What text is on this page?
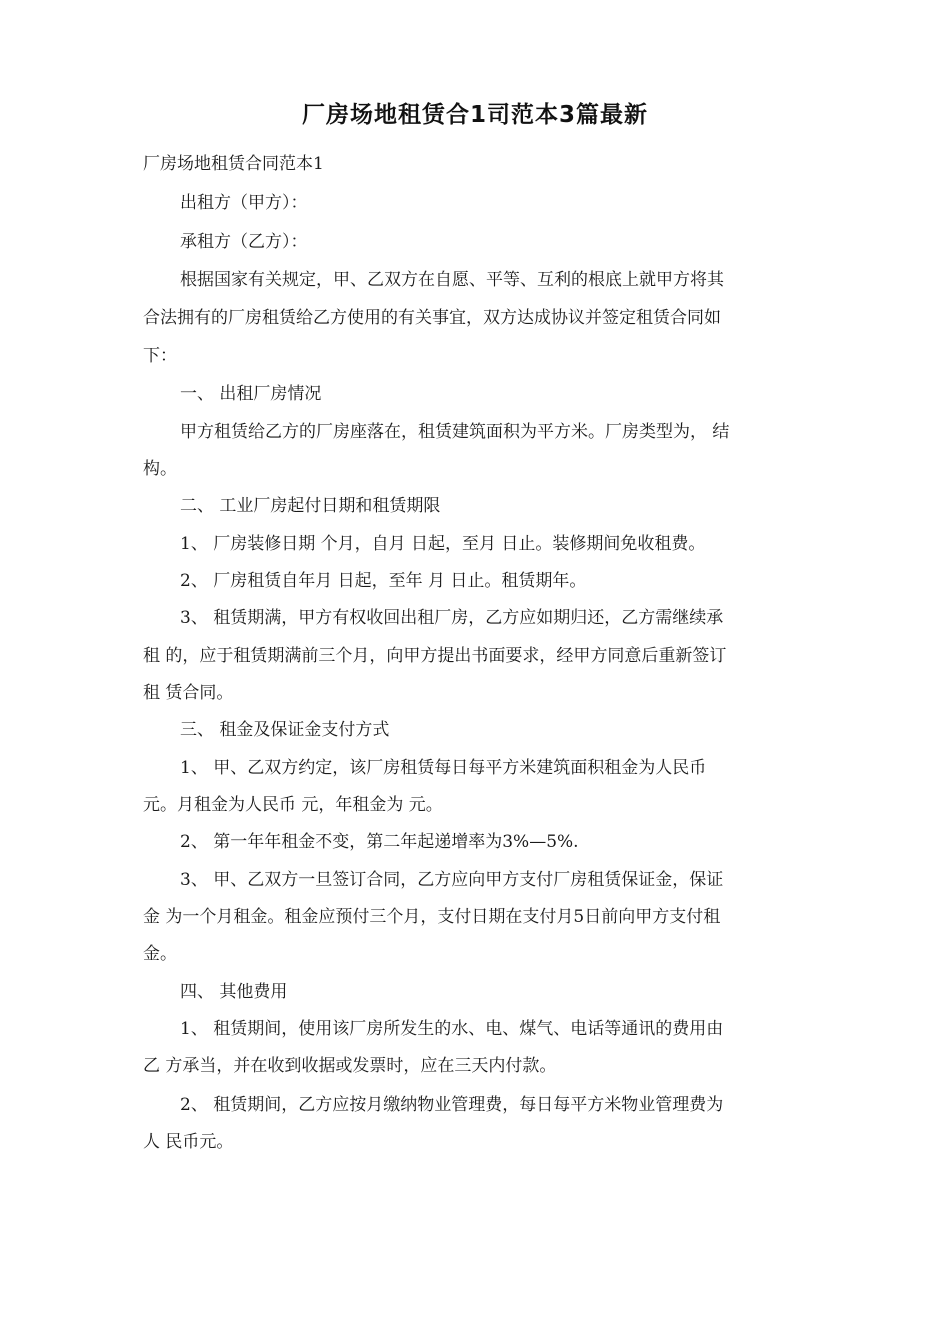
厂房场地租赁合1司范本3篇最新
厂房场地租赁合同范本1
出租方（甲方）：
承租方（乙方）：
根据国家有关规定，甲、乙双方在自愿、平等、互利的根底上就甲方将其
合法拥有的厂房租赁给乙方使用的有关事宜，双方达成协议并签定租赁合同如
下：
一、 出租厂房情况
甲方租赁给乙方的厂房座落在，租赁建筑面积为平方米。厂房类型为， 结
构。
二、 工业厂房起付日期和租赁期限
1、 厂房装修日期 个月，自月 日起，至月 日止。装修期间免收租费。
2、 厂房租赁自年月 日起，至年 月 日止。租赁期年。
3、 租赁期满，甲方有权收回出租厂房，乙方应如期归还，乙方需继续承
租 的，应于租赁期满前三个月，向甲方提出书面要求，经甲方同意后重新签订
租 赁合同。
三、 租金及保证金支付方式
1、 甲、乙双方约定，该厂房租赁每日每平方米建筑面积租金为人民币
元。月租金为人民币 元，年租金为 元。
2、 第一年年租金不变，第二年起递增率为3%—5%.
3、 甲、乙双方一旦签订合同，乙方应向甲方支付厂房租赁保证金，保证
金 为一个月租金。租金应预付三个月，支付日期在支付月5日前向甲方支付租
金。
四、 其他费用
1、 租赁期间，使用该厂房所发生的水、电、煤气、电话等通讯的费用由
乙 方承当，并在收到收据或发票时，应在三天内付款。
2、 租赁期间，乙方应按月缴纳物业管理费，每日每平方米物业管理费为
人 民币元。
